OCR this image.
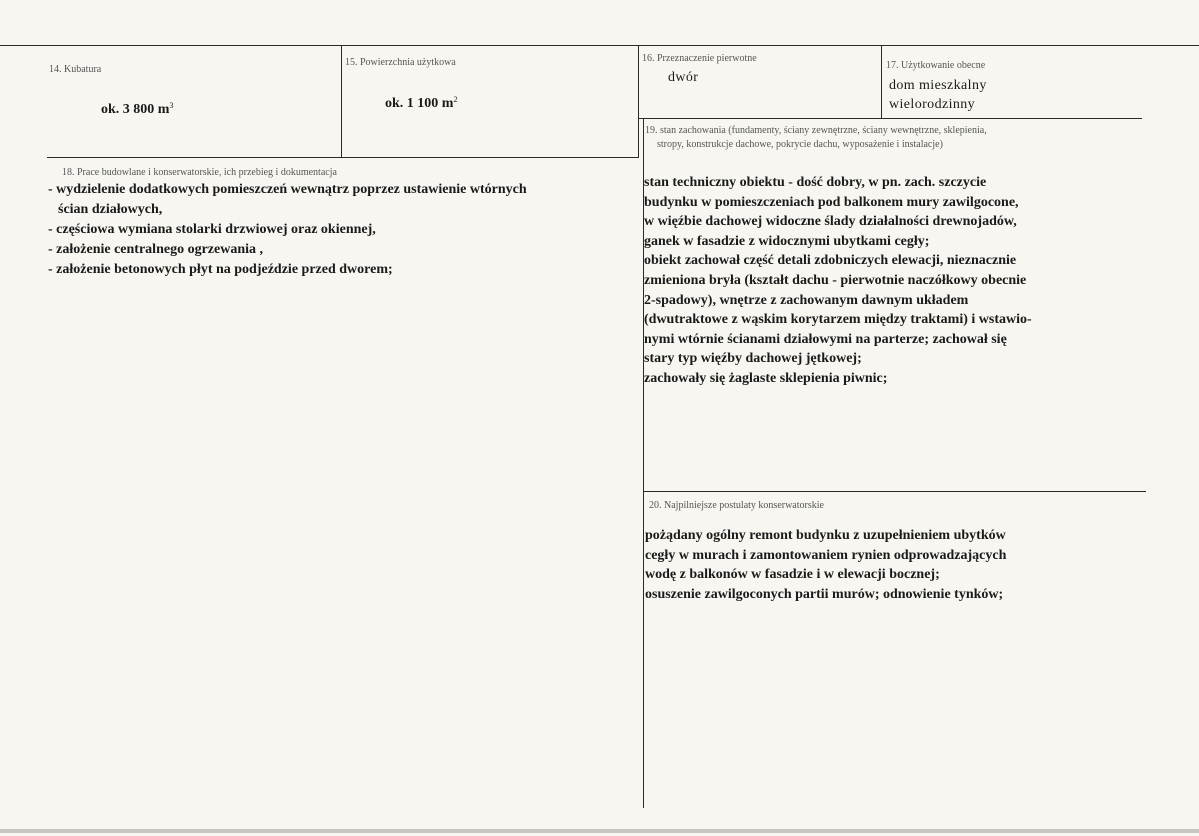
14. Kubatura
ok. 3 800 $m^3$
15. Powierzchnia użytkowa
ok. 1 100 $m^2$
16. Przeznaczenie pierwotne
dwór
17. Użytkowanie obecne
dom mieszkalny
wielorodzinny
18. Prace budowlane i konserwatorskie, ich przebieg i dokumentacja
- wydzielenie dodatkowych pomieszczeń wewnątrz poprzez ustawienie wtórnych
ścian działowych,
- częściowa wymiana stolarki drzwiowej oraz okiennej,
- założenie centralnego ogrzewania ,
- założenie betonowych płyt na podjeździe przed dworem;
19. stan zachowania (fundamenty, ściany zewnętrzne, ściany wewnętrzne, sklepienia,
stropy, konstrukcje dachowe, pokrycie dachu, wyposażenie i instalacje)
stan techniczny obiektu - dość dobry, w pn. zach. szczycie
budynku w pomieszczeniach pod balkonem mury zawilgocone,
w więźbie dachowej widoczne ślady działalności drewnojadów,
ganek w fasadzie z widocznymi ubytkami cegły;
obiekt zachował część detali zdobniczych elewacji, nieznacznie
zmieniona bryła (kształt dachu - pierwotnie naczółkowy obecnie
2-spadowy), wnętrze z zachowanym dawnym układem
(dwutraktowe z wąskim korytarzem między traktami) i wstawio-
nymi wtórnie ścianami działowymi na parterze; zachował się
stary typ więźby dachowej jętkowej;
zachowały się żaglaste sklepienia piwnic;
20. Najpilniejsze postulaty konserwatorskie
pożądany ogólny remont budynku z uzupełnieniem ubytków
cegły w murach i zamontowaniem rynien odprowadzających
wodę z balkonów w fasadzie i w elewacji bocznej;
osuszenie zawilgoconych partii murów; odnowienie tynków;
